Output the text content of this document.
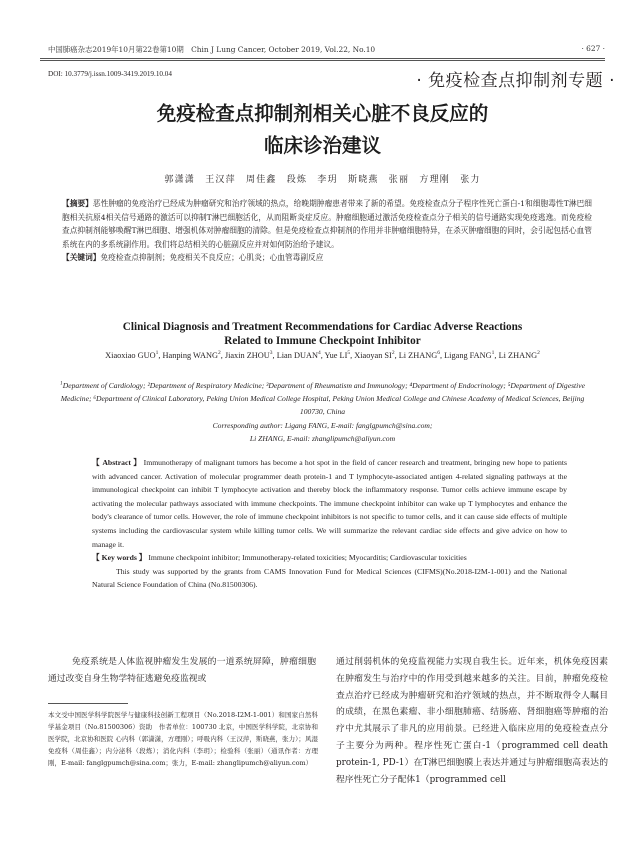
中国肺癌杂志2019年10月第22卷第10期　Chin J Lung Cancer, October 2019, Vol.22, No.10	· 627 ·
DOI: 10.3779/j.issn.1009-3419.2019.10.04	· 免疫检查点抑制剂专题 ·
免疫检查点抑制剂相关心脏不良反应的
临床诊治建议
郭潇潇　王汉萍　周佳鑫　段炼　李玥　斯晓燕　张丽　方理刚　张力
【摘要】恶性肿瘤的免疫治疗已经成为肿瘤研究和治疗领域的热点，给晚期肿瘤患者带来了新的希望。免疫检查点分子程序性死亡蛋白-1和细胞毒性T淋巴细胞相关抗原4相关信号通路的激活可以抑制T淋巴细胞活化，从而阻断炎症反应。肿瘤细胞通过激活免疫检查点分子相关的信号通路实现免疫逃逸。而免疫检查点抑制剂能够唤醒T淋巴细胞、增强机体对肿瘤细胞的清除。但是免疫检查点抑制剂的作用并非肿瘤细胞特异，在杀灭肿瘤细胞的同时，会引起包括心血管系统在内的多系统副作用。我们将总结相关的心脏副反应并对如何防治给予建议。
【关键词】免疫检查点抑制剂；免疫相关不良反应；心肌炎；心血管毒副反应
Clinical Diagnosis and Treatment Recommendations for Cardiac Adverse Reactions
Related to Immune Checkpoint Inhibitor
Xiaoxiao GUO$^1$, Hanping WANG$^2$, Jiaxin ZHOU$^3$, Lian DUAN$^4$, Yue $LI^5$, Xiaoyan $SI^2$, Li ZHANG$^6$, Ligang FANG$^1$, Li ZHANG$^2$
$^1$Department of Cardiology; ²Department of Respiratory Medicine; ³Department of Rheumatism and Immunology; ⁴Department of Endocrinology; ⁵Department of Digestive Medicine; ⁶Department of Clinical Laboratory, Peking Union Medical College Hospital, Peking Union Medical College and Chinese Academy of Medical Sciences, Beijing 100730, China
Corresponding author: Ligang FANG, E-mail: fanglgpumch@sina.com;
Li ZHANG, E-mail: zhanglipumch@aliyun.com
【 Abstract 】 Immunotherapy of malignant tumors has become a hot spot in the field of cancer research and treatment, bringing new hope to patients with advanced cancer. Activation of molecular programmer death protein-1 and T lymphocyte-associated antigen 4-related signaling pathways at the immunological checkpoint can inhibit T lymphocyte activation and thereby block the inflammatory response. Tumor cells achieve immune escape by activating the molecular pathways associated with immune checkpoints. The immune checkpoint inhibitor can wake up T lymphocytes and enhance the body's clearance of tumor cells. However, the role of immune checkpoint inhibitors is not specific to tumor cells, and it can cause side effects of multiple systems including the cardiovascular system while killing tumor cells. We will summarize the relevant cardiac side effects and give advice on how to manage it.
【 Key words 】 Immune checkpoint inhibitor; Immunotherapy-related toxicities; Myocarditis; Cardiovascular toxicities
This study was supported by the grants from CAMS Innovation Fund for Medical Sciences (CIFMS)(No.2018-I2M-1-001) and the National Natural Science Foundation of China (No.81500306).
免疫系统是人体监视肿瘤发生发展的一道系统屏障，肿瘤细胞通过改变自身生物学特征逃避免疫监视或
本文受中国医学科学院医学与健康科技创新工程项目（No.2018-I2M-1-001）和国家自然科学基金项目（No.81500306）资助　作者单位：100730 北京，中国医学科学院，北京协和医学院，北京协和医院 心内科（郭潇潇，方理刚）；呼吸内科（王汉萍，斯晓燕，张力）；风湿免疫科（周佳鑫）；内分泌科（段炼）；消化内科（李玥）；检验科（张丽）（通讯作者：方理刚，E-mail: fanglgpumch@sina.com；张力，E-mail: zhanglipumch@aliyun.com）
通过削弱机体的免疫监视能力实现自我生长。近年来，机体免疫因素在肿瘤发生与治疗中的作用受到越来越多的关注。目前，肿瘤免疫检查点治疗已经成为肿瘤研究和治疗领域的热点，并不断取得令人瞩目的成绩，在黑色素瘤、非小细胞肺癌、结肠癌、肾细胞癌等肿瘤的治疗中尤其展示了非凡的应用前景。已经进入临床应用的免疫检查点分子主要分为两种。程序性死亡蛋白-1（programmed cell death protein-1, PD-1）在T淋巴细胞膜上表达并通过与肿瘤细胞高表达的程序性死亡分子配体1（programmed cell
